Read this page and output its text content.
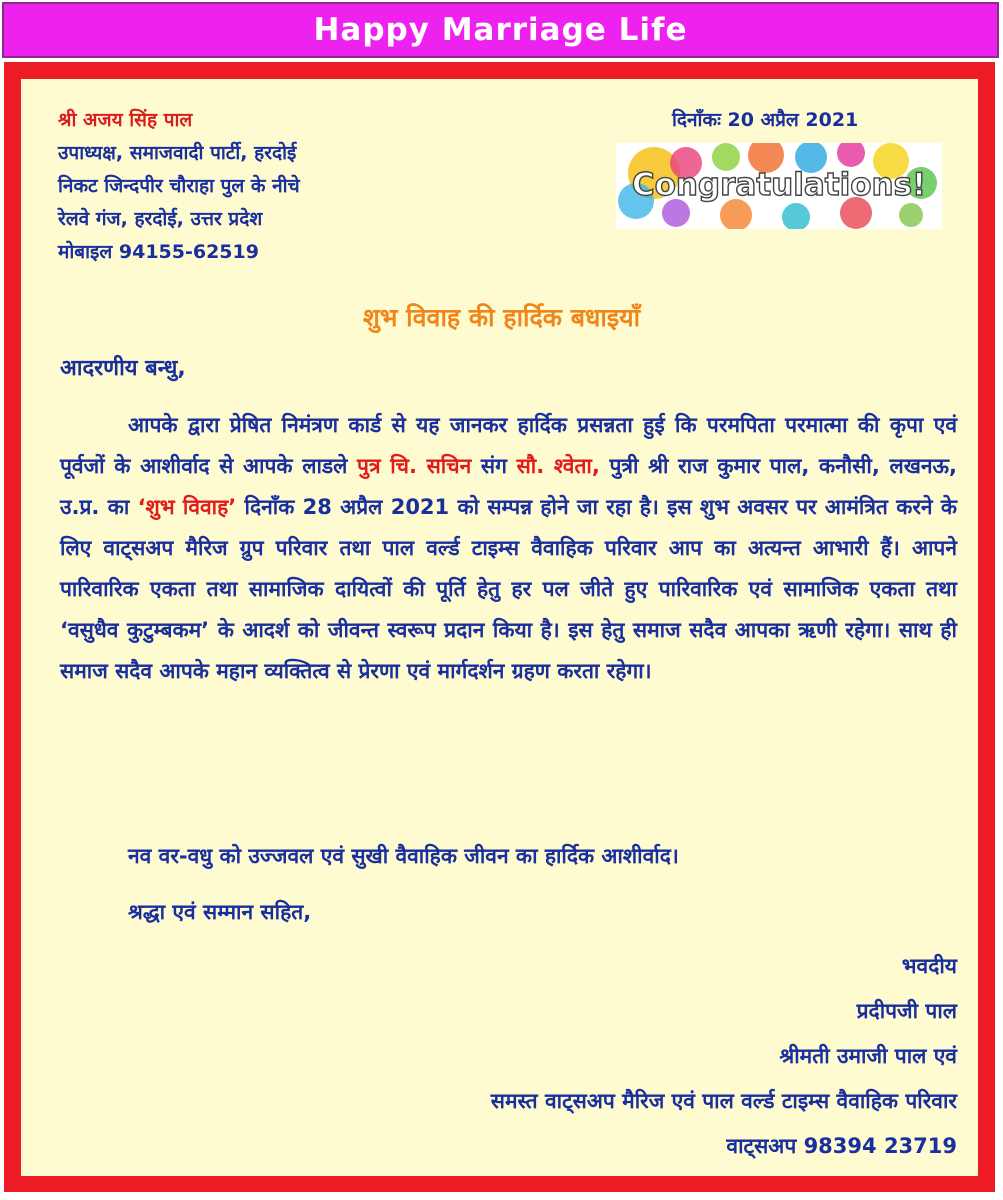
Happy Marriage Life
श्री अजय सिंह पाल
उपाध्यक्ष, समाजवादी पार्टी, हरदोई
निकट जिन्दपीर चौराहा पुल के नीचे
रेलवे गंज, हरदोई, उत्तर प्रदेश
मोबाइल 94155-62519
दिनाँकः 20 अप्रैल 2021
Congratulations!
शुभ विवाह की हार्दिक बधाइयाँ
आदरणीय बन्धु,
आपके द्वारा प्रेषित निमंत्रण कार्ड से यह जानकर हार्दिक प्रसन्नता हुई कि परमपिता परमात्मा की कृपा एवं पूर्वजों के आशीर्वाद से आपके लाडले पुत्र चि. सचिन संग सौ. श्वेता, पुत्री श्री राज कुमार पाल, कनौसी, लखनऊ, उ.प्र. का ‘शुभ विवाह’ दिनाँक 28 अप्रैल 2021 को सम्पन्न होने जा रहा है। इस शुभ अवसर पर आमंत्रित करने के लिए वाट्सअप मैरिज ग्रुप परिवार तथा पाल वर्ल्ड टाइम्स वैवाहिक परिवार आप का अत्यन्त आभारी हैं। आपने पारिवारिक एकता तथा सामाजिक दायित्वों की पूर्ति हेतु हर पल जीते हुए पारिवारिक एवं सामाजिक एकता तथा ‘वसुधैव कुटुम्बकम’ के आदर्श को जीवन्त स्वरूप प्रदान किया है। इस हेतु समाज सदैव आपका ऋणी रहेगा। साथ ही समाज सदैव आपके महान व्यक्तित्व से प्रेरणा एवं मार्गदर्शन ग्रहण करता रहेगा।
नव वर-वधु को उज्जवल एवं सुखी वैवाहिक जीवन का हार्दिक आशीर्वाद।
श्रद्धा एवं सम्मान सहित,
भवदीय
प्रदीपजी पाल
श्रीमती उमाजी पाल एवं
समस्त वाट्सअप मैरिज एवं पाल वर्ल्ड टाइम्स वैवाहिक परिवार
वाट्सअप 98394 23719
